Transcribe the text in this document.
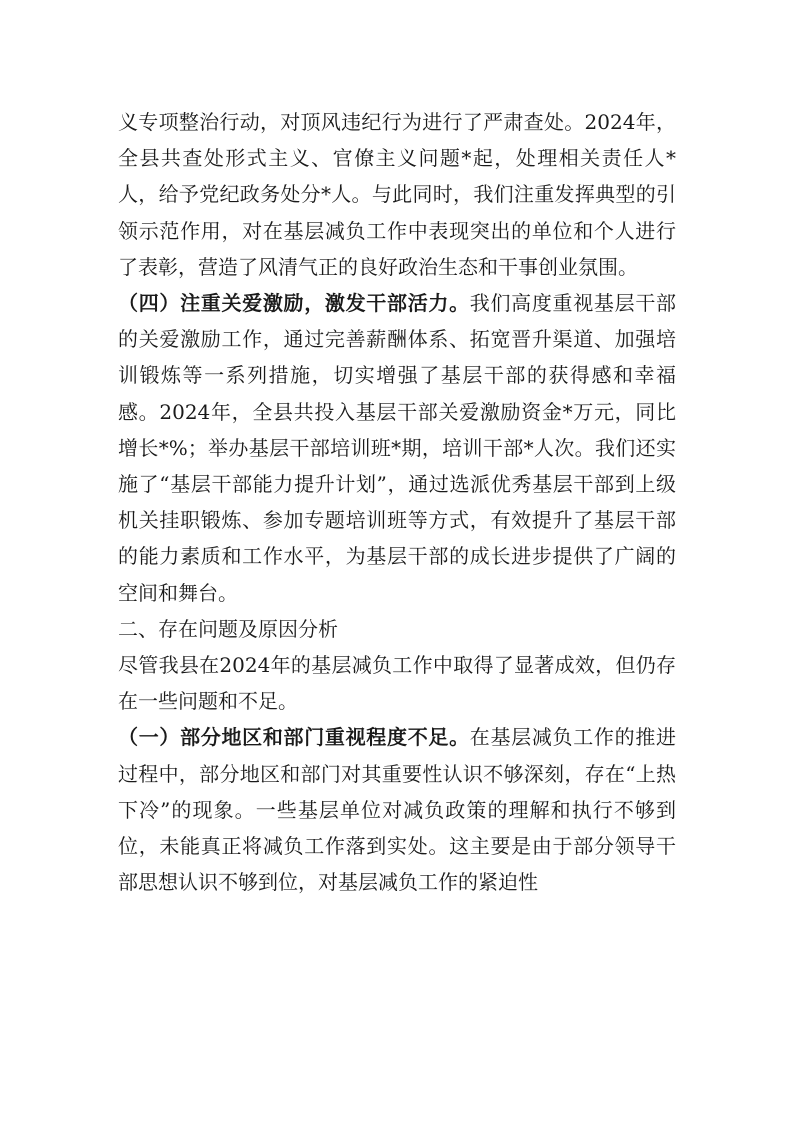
义专项整治行动，对顶风违纪行为进行了严肃查处。2024年，全县共查处形式主义、官僚主义问题*起，处理相关责任人*人，给予党纪政务处分*人。与此同时，我们注重发挥典型的引领示范作用，对在基层减负工作中表现突出的单位和个人进行了表彰，营造了风清气正的良好政治生态和干事创业氛围。

（四）注重关爱激励，激发干部活力。我们高度重视基层干部的关爱激励工作，通过完善薪酬体系、拓宽晋升渠道、加强培训锻炼等一系列措施，切实增强了基层干部的获得感和幸福感。2024年，全县共投入基层干部关爱激励资金*万元，同比增长*%；举办基层干部培训班*期，培训干部*人次。我们还实施了“基层干部能力提升计划”，通过选派优秀基层干部到上级机关挂职锻炼、参加专题培训班等方式，有效提升了基层干部的能力素质和工作水平，为基层干部的成长进步提供了广阔的空间和舞台。

二、存在问题及原因分析

尽管我县在2024年的基层减负工作中取得了显著成效，但仍存在一些问题和不足。

（一）部分地区和部门重视程度不足。在基层减负工作的推进过程中，部分地区和部门对其重要性认识不够深刻，存在“上热下冷”的现象。一些基层单位对减负政策的理解和执行不够到位，未能真正将减负工作落到实处。这主要是由于部分领导干部思想认识不够到位，对基层减负工作的紧迫性
